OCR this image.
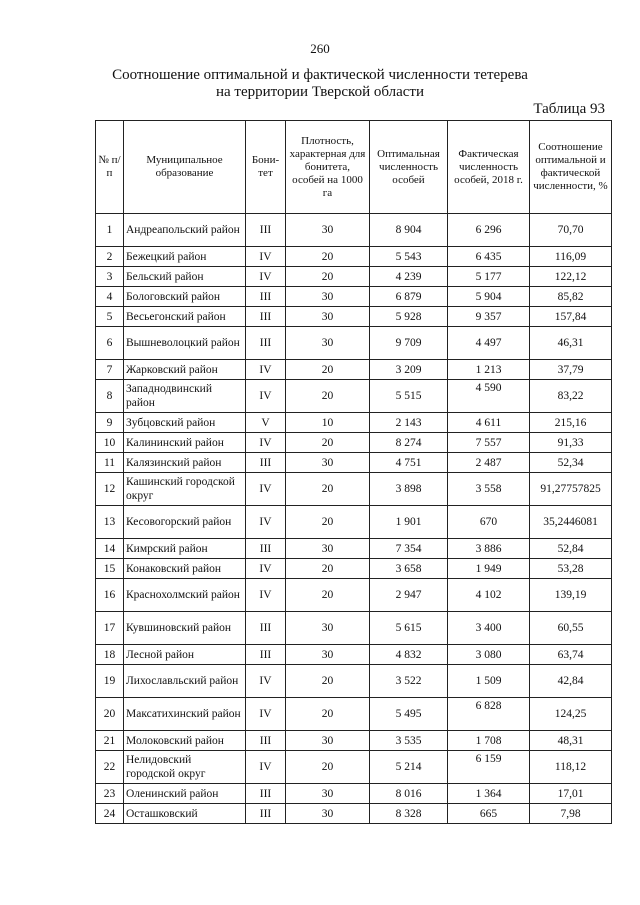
260
Соотношение оптимальной и фактической численности тетерева
на территории Тверской области
Таблица 93
№ п/п	Муниципальное образование	Бони-тет	Плотность, характерная для бонитета, особей на 1000 га	Оптимальная численность особей	Фактическая численность особей, 2018 г.	Соотношение оптимальной и фактической численности, %
1	Андреапольский район	III	30	8 904	6 296	70,70
2	Бежецкий район	IV	20	5 543	6 435	116,09
3	Бельский район	IV	20	4 239	5 177	122,12
4	Бологовский район	III	30	6 879	5 904	85,82
5	Весьегонский район	III	30	5 928	9 357	157,84
6	Вышневолоцкий район	III	30	9 709	4 497	46,31
7	Жарковский район	IV	20	3 209	1 213	37,79
8	Западнодвинский район	IV	20	5 515	4 590	83,22
9	Зубцовский район	V	10	2 143	4 611	215,16
10	Калининский район	IV	20	8 274	7 557	91,33
11	Калязинский район	III	30	4 751	2 487	52,34
12	Кашинский городской округ	IV	20	3 898	3 558	91,27757825
13	Кесовогорский район	IV	20	1 901	670	35,2446081
14	Кимрский район	III	30	7 354	3 886	52,84
15	Конаковский район	IV	20	3 658	1 949	53,28
16	Краснохолмский район	IV	20	2 947	4 102	139,19
17	Кувшиновский район	III	30	5 615	3 400	60,55
18	Лесной район	III	30	4 832	3 080	63,74
19	Лихославльский район	IV	20	3 522	1 509	42,84
20	Максатихинский район	IV	20	5 495	6 828	124,25
21	Молоковский район	III	30	3 535	1 708	48,31
22	Нелидовский городской округ	IV	20	5 214	6 159	118,12
23	Оленинский район	III	30	8 016	1 364	17,01
24	Осташковский	III	30	8 328	665	7,98
